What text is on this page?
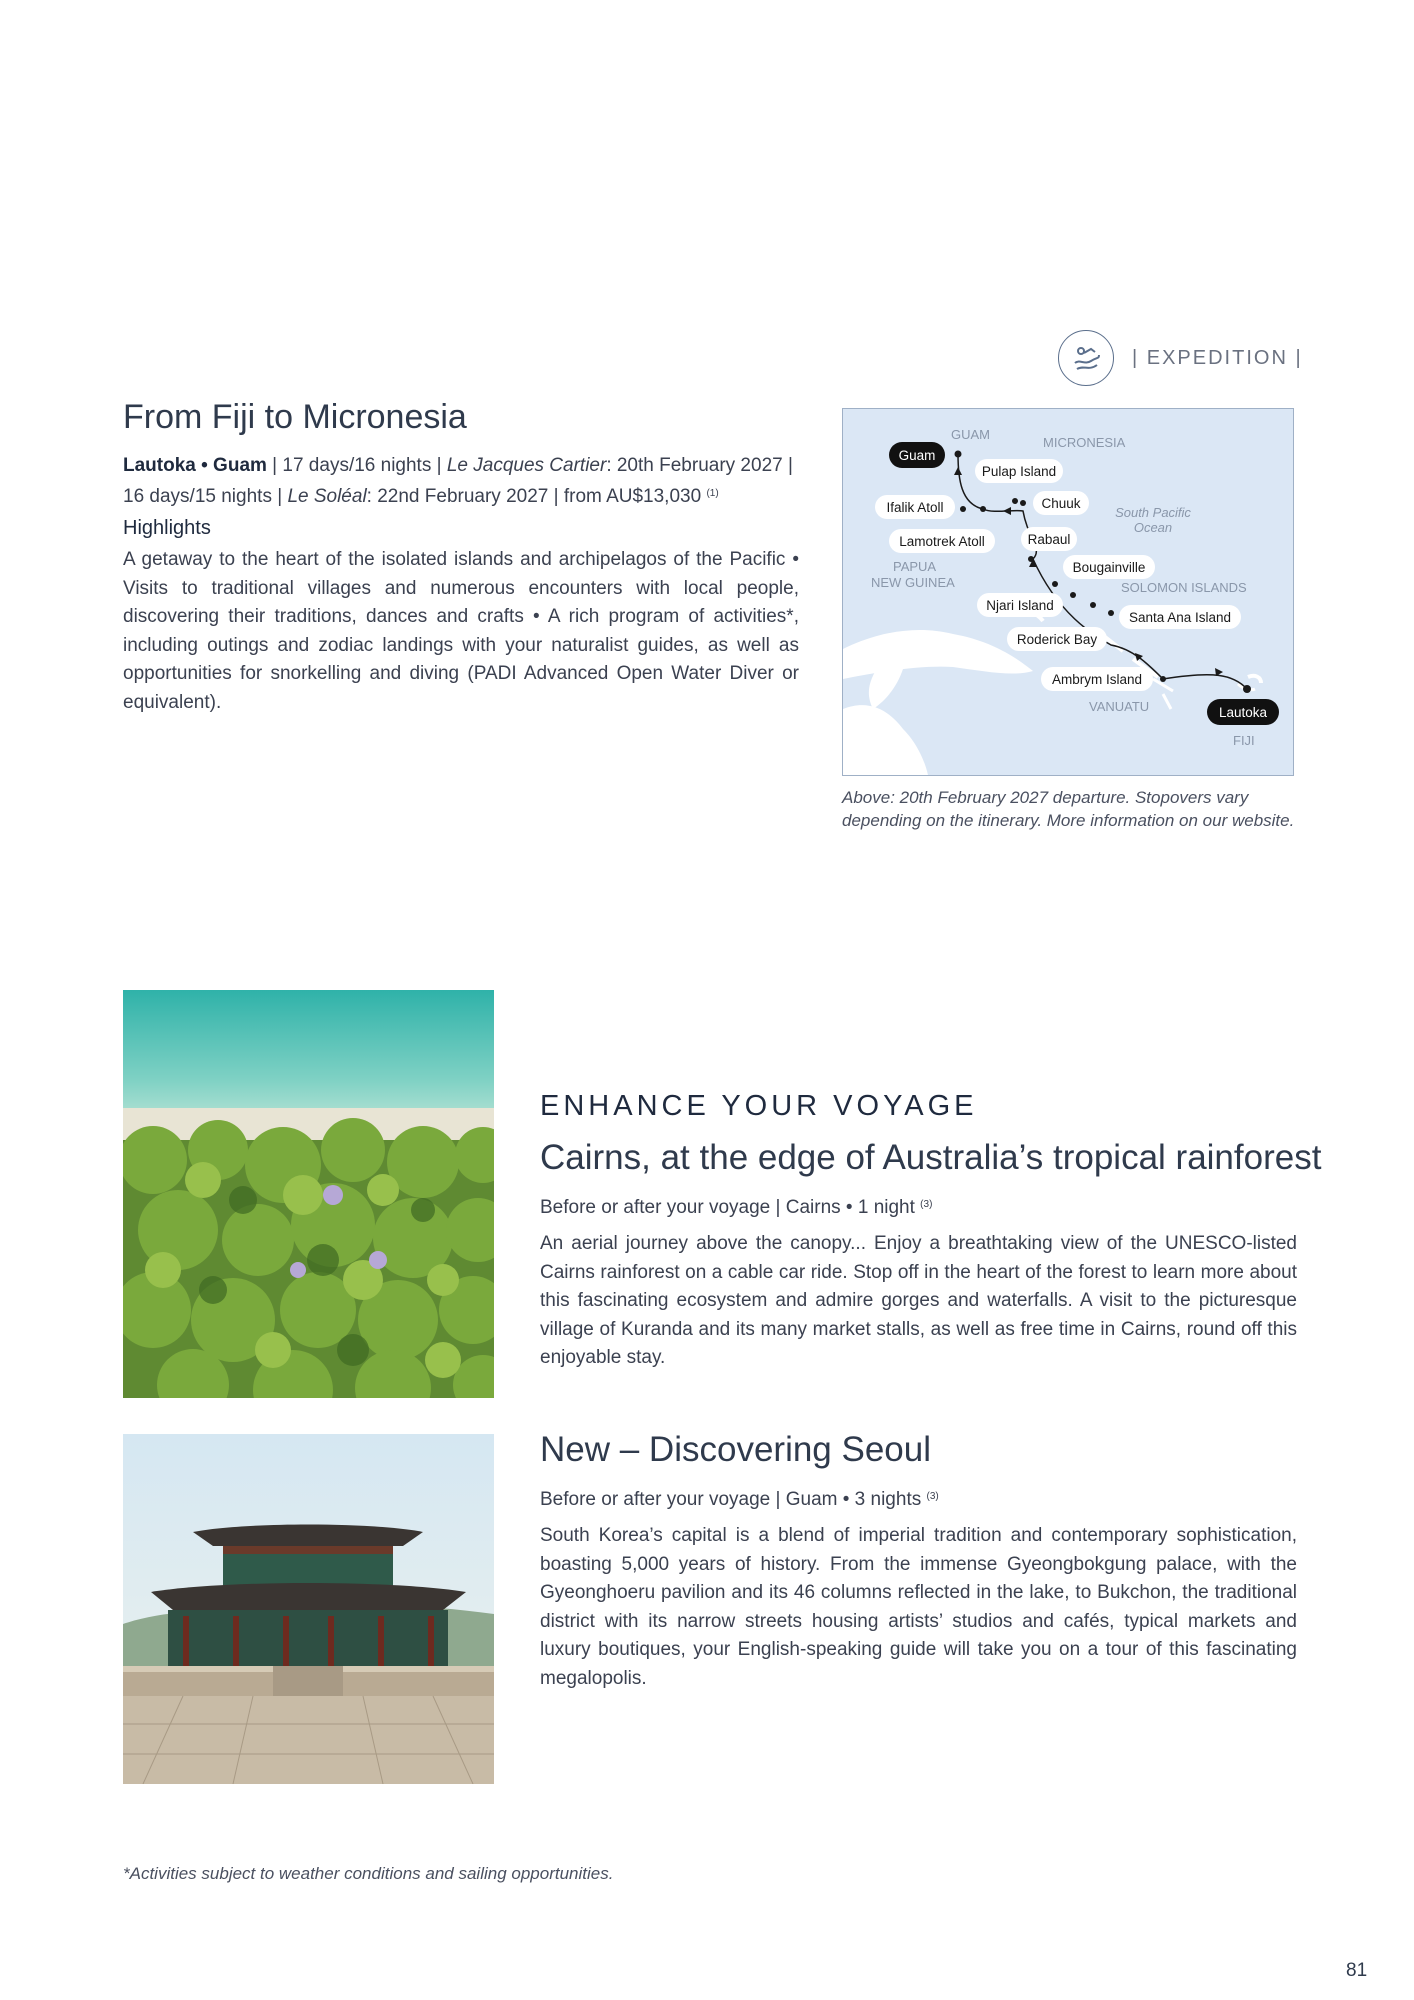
| EXPEDITION |
From Fiji to Micronesia
Lautoka • Guam | 17 days/16 nights | Le Jacques Cartier: 20th February 2027 |
16 days/15 nights | Le Soléal: 22nd February 2027 | from AU$13,030 $^{(1)}$
Highlights
A getaway to the heart of the isolated islands and archipelagos of the Pacific • Visits to traditional villages and numerous encounters with local people, discovering their traditions, dances and crafts • A rich program of activities*, including outings and zodiac landings with your naturalist guides, as well as opportunities for snorkelling and diving (PADI Advanced Open Water Diver or equivalent).
GUAM
MICRONESIA
South Pacific
Ocean
PAPUA
NEW GUINEA	SOLOMON ISLANDS
VANUATU
FIJI
Pulap Island
Ifalik Atoll	Chuuk
Lamotrek Atoll	Rabaul
Bougainville
Njari Island
Santa Ana Island
Roderick Bay
Ambrym Island
Guam
Lautoka
Above: 20th February 2027 departure. Stopovers vary
depending on the itinerary. More information on our website.
ENHANCE YOUR VOYAGE
Cairns, at the edge of Australia’s tropical rainforest
Before or after your voyage | Cairns • 1 night $^{(3)}$
An aerial journey above the canopy... Enjoy a breathtaking view of the UNESCO-listed Cairns rainforest on a cable car ride. Stop off in the heart of the forest to learn more about this fascinating ecosystem and admire gorges and waterfalls. A visit to the picturesque village of Kuranda and its many market stalls, as well as free time in Cairns, round off this enjoyable stay.
New – Discovering Seoul
Before or after your voyage | Guam • 3 nights $^{(3)}$
South Korea’s capital is a blend of imperial tradition and contemporary sophistication, boasting 5,000 years of history. From the immense Gyeongbokgung palace, with the Gyeonghoeru pavilion and its 46 columns reflected in the lake, to Bukchon, the traditional district with its narrow streets housing artists’ studios and cafés, typical markets and luxury boutiques, your English-speaking guide will take you on a tour of this fascinating megalopolis.
*Activities subject to weather conditions and sailing opportunities.
81
